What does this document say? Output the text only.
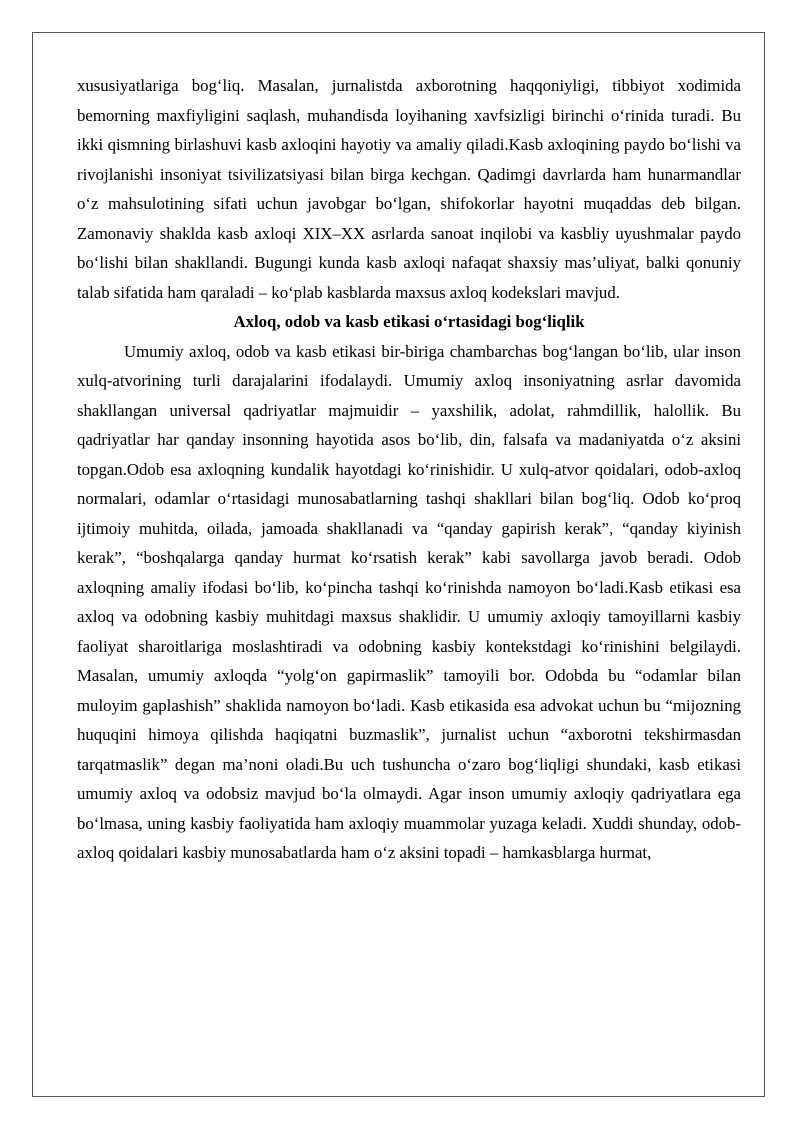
xususiyatlariga bog‘liq. Masalan, jurnalistda axborotning haqqoniyligi, tibbiyot xodimida bemorning maxfiyligini saqlash, muhandisda loyihaning xavfsizligi birinchi o‘rinida turadi. Bu ikki qismning birlashuvi kasb axloqini hayotiy va amaliy qiladi.Kasb axloqining paydo bo‘lishi va rivojlanishi insoniyat tsivilizatsiyasi bilan birga kechgan. Qadimgi davrlarda ham hunarmandlar o‘z mahsulotining sifati uchun javobgar bo‘lgan, shifokorlar hayotni muqaddas deb bilgan. Zamonaviy shaklda kasb axloqi XIX–XX asrlarda sanoat inqilobi va kasbliy uyushmalar paydo bo‘lishi bilan shakllandi. Bugungi kunda kasb axloqi nafaqat shaxsiy mas’uliyat, balki qonuniy talab sifatida ham qaraladi – ko‘plab kasblarda maxsus axloq kodekslari mavjud.

Axloq, odob va kasb etikasi o‘rtasidagi bog‘liqlik

Umumiy axloq, odob va kasb etikasi bir-biriga chambarchas bog‘langan bo‘lib, ular inson xulq-atvorining turli darajalarini ifodalaydi. Umumiy axloq insoniyatning asrlar davomida shakllangan universal qadriyatlar majmuidir – yaxshilik, adolat, rahmdillik, halollik. Bu qadriyatlar har qanday insonning hayotida asos bo‘lib, din, falsafa va madaniyatda o‘z aksini topgan.Odob esa axloqning kundalik hayotdagi ko‘rinishidir. U xulq-atvor qoidalari, odob-axloq normalari, odamlar o‘rtasidagi munosabatlarning tashqi shakllari bilan bog‘liq. Odob ko‘proq ijtimoiy muhitda, oilada, jamoada shakllanadi va “qanday gapirish kerak”, “qanday kiyinish kerak”, “boshqalarga qanday hurmat ko‘rsatish kerak” kabi savollarga javob beradi. Odob axloqning amaliy ifodasi bo‘lib, ko‘pincha tashqi ko‘rinishda namoyon bo‘ladi.Kasb etikasi esa axloq va odobning kasbiy muhitdagi maxsus shaklidir. U umumiy axloqiy tamoyillarni kasbiy faoliyat sharoitlariga moslashtiradi va odobning kasbiy kontekstdagi ko‘rinishini belgilaydi. Masalan, umumiy axloqda “yolg‘on gapirmaslik” tamoyili bor. Odobda bu “odamlar bilan muloyim gaplashish” shaklida namoyon bo‘ladi. Kasb etikasida esa advokat uchun bu “mijozning huquqini himoya qilishda haqiqatni buzmaslik”, jurnalist uchun “axborotni tekshirmasdan tarqatmaslik” degan ma’noni oladi.Bu uch tushuncha o‘zaro bog‘liqligi shundaki, kasb etikasi umumiy axloq va odobsiz mavjud bo‘la olmaydi. Agar inson umumiy axloqiy qadriyatlara ega bo‘lmasa, uning kasbiy faoliyatida ham axloqiy muammolar yuzaga keladi. Xuddi shunday, odob-axloq qoidalari kasbiy munosabatlarda ham o‘z aksini topadi – hamkasblarga hurmat,
